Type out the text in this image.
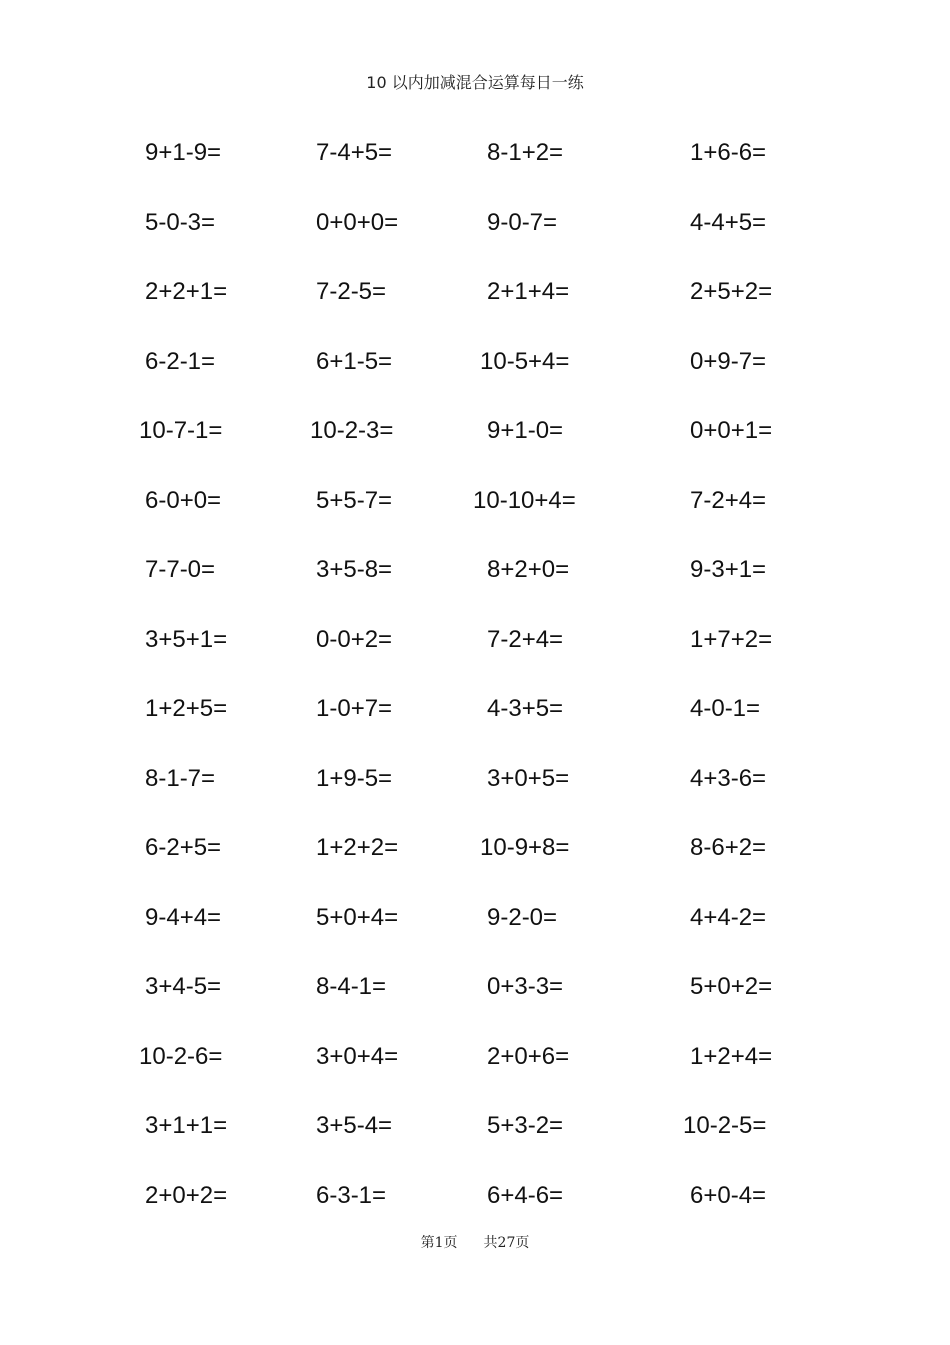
10 以内加减混合运算每日一练
9+1-9=	7-4+5=	8-1+2=	1+6-6=
5-0-3=	0+0+0=	9-0-7=	4-4+5=
2+2+1=	7-2-5=	2+1+4=	2+5+2=
6-2-1=	6+1-5=	10-5+4=	0+9-7=
10-7-1=	10-2-3=	9+1-0=	0+0+1=
6-0+0=	5+5-7=	10-10+4=	7-2+4=
7-7-0=	3+5-8=	8+2+0=	9-3+1=
3+5+1=	0-0+2=	7-2+4=	1+7+2=
1+2+5=	1-0+7=	4-3+5=	4-0-1=
8-1-7=	1+9-5=	3+0+5=	4+3-6=
6-2+5=	1+2+2=	10-9+8=	8-6+2=
9-4+4=	5+0+4=	9-2-0=	4+4-2=
3+4-5=	8-4-1=	0+3-3=	5+0+2=
10-2-6=	3+0+4=	2+0+6=	1+2+4=
3+1+1=	3+5-4=	5+3-2=	10-2-5=
2+0+2=	6-3-1=	6+4-6=	6+0-4=
第1页 共27页
